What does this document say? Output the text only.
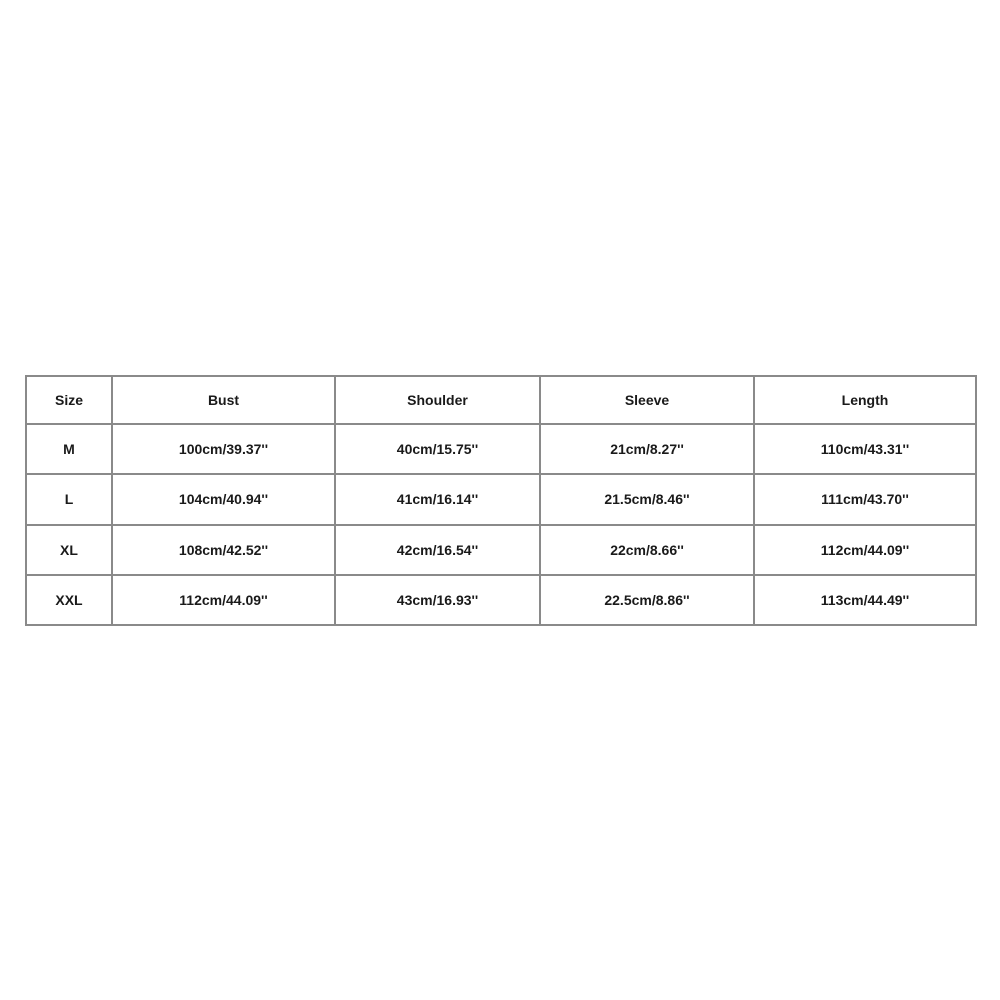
Size	Bust	Shoulder	Sleeve	Length
M	100cm/39.37''	40cm/15.75''	21cm/8.27''	110cm/43.31''
L	104cm/40.94''	41cm/16.14''	21.5cm/8.46''	111cm/43.70''
XL	108cm/42.52''	42cm/16.54''	22cm/8.66''	112cm/44.09''
XXL	112cm/44.09''	43cm/16.93''	22.5cm/8.86''	113cm/44.49''
